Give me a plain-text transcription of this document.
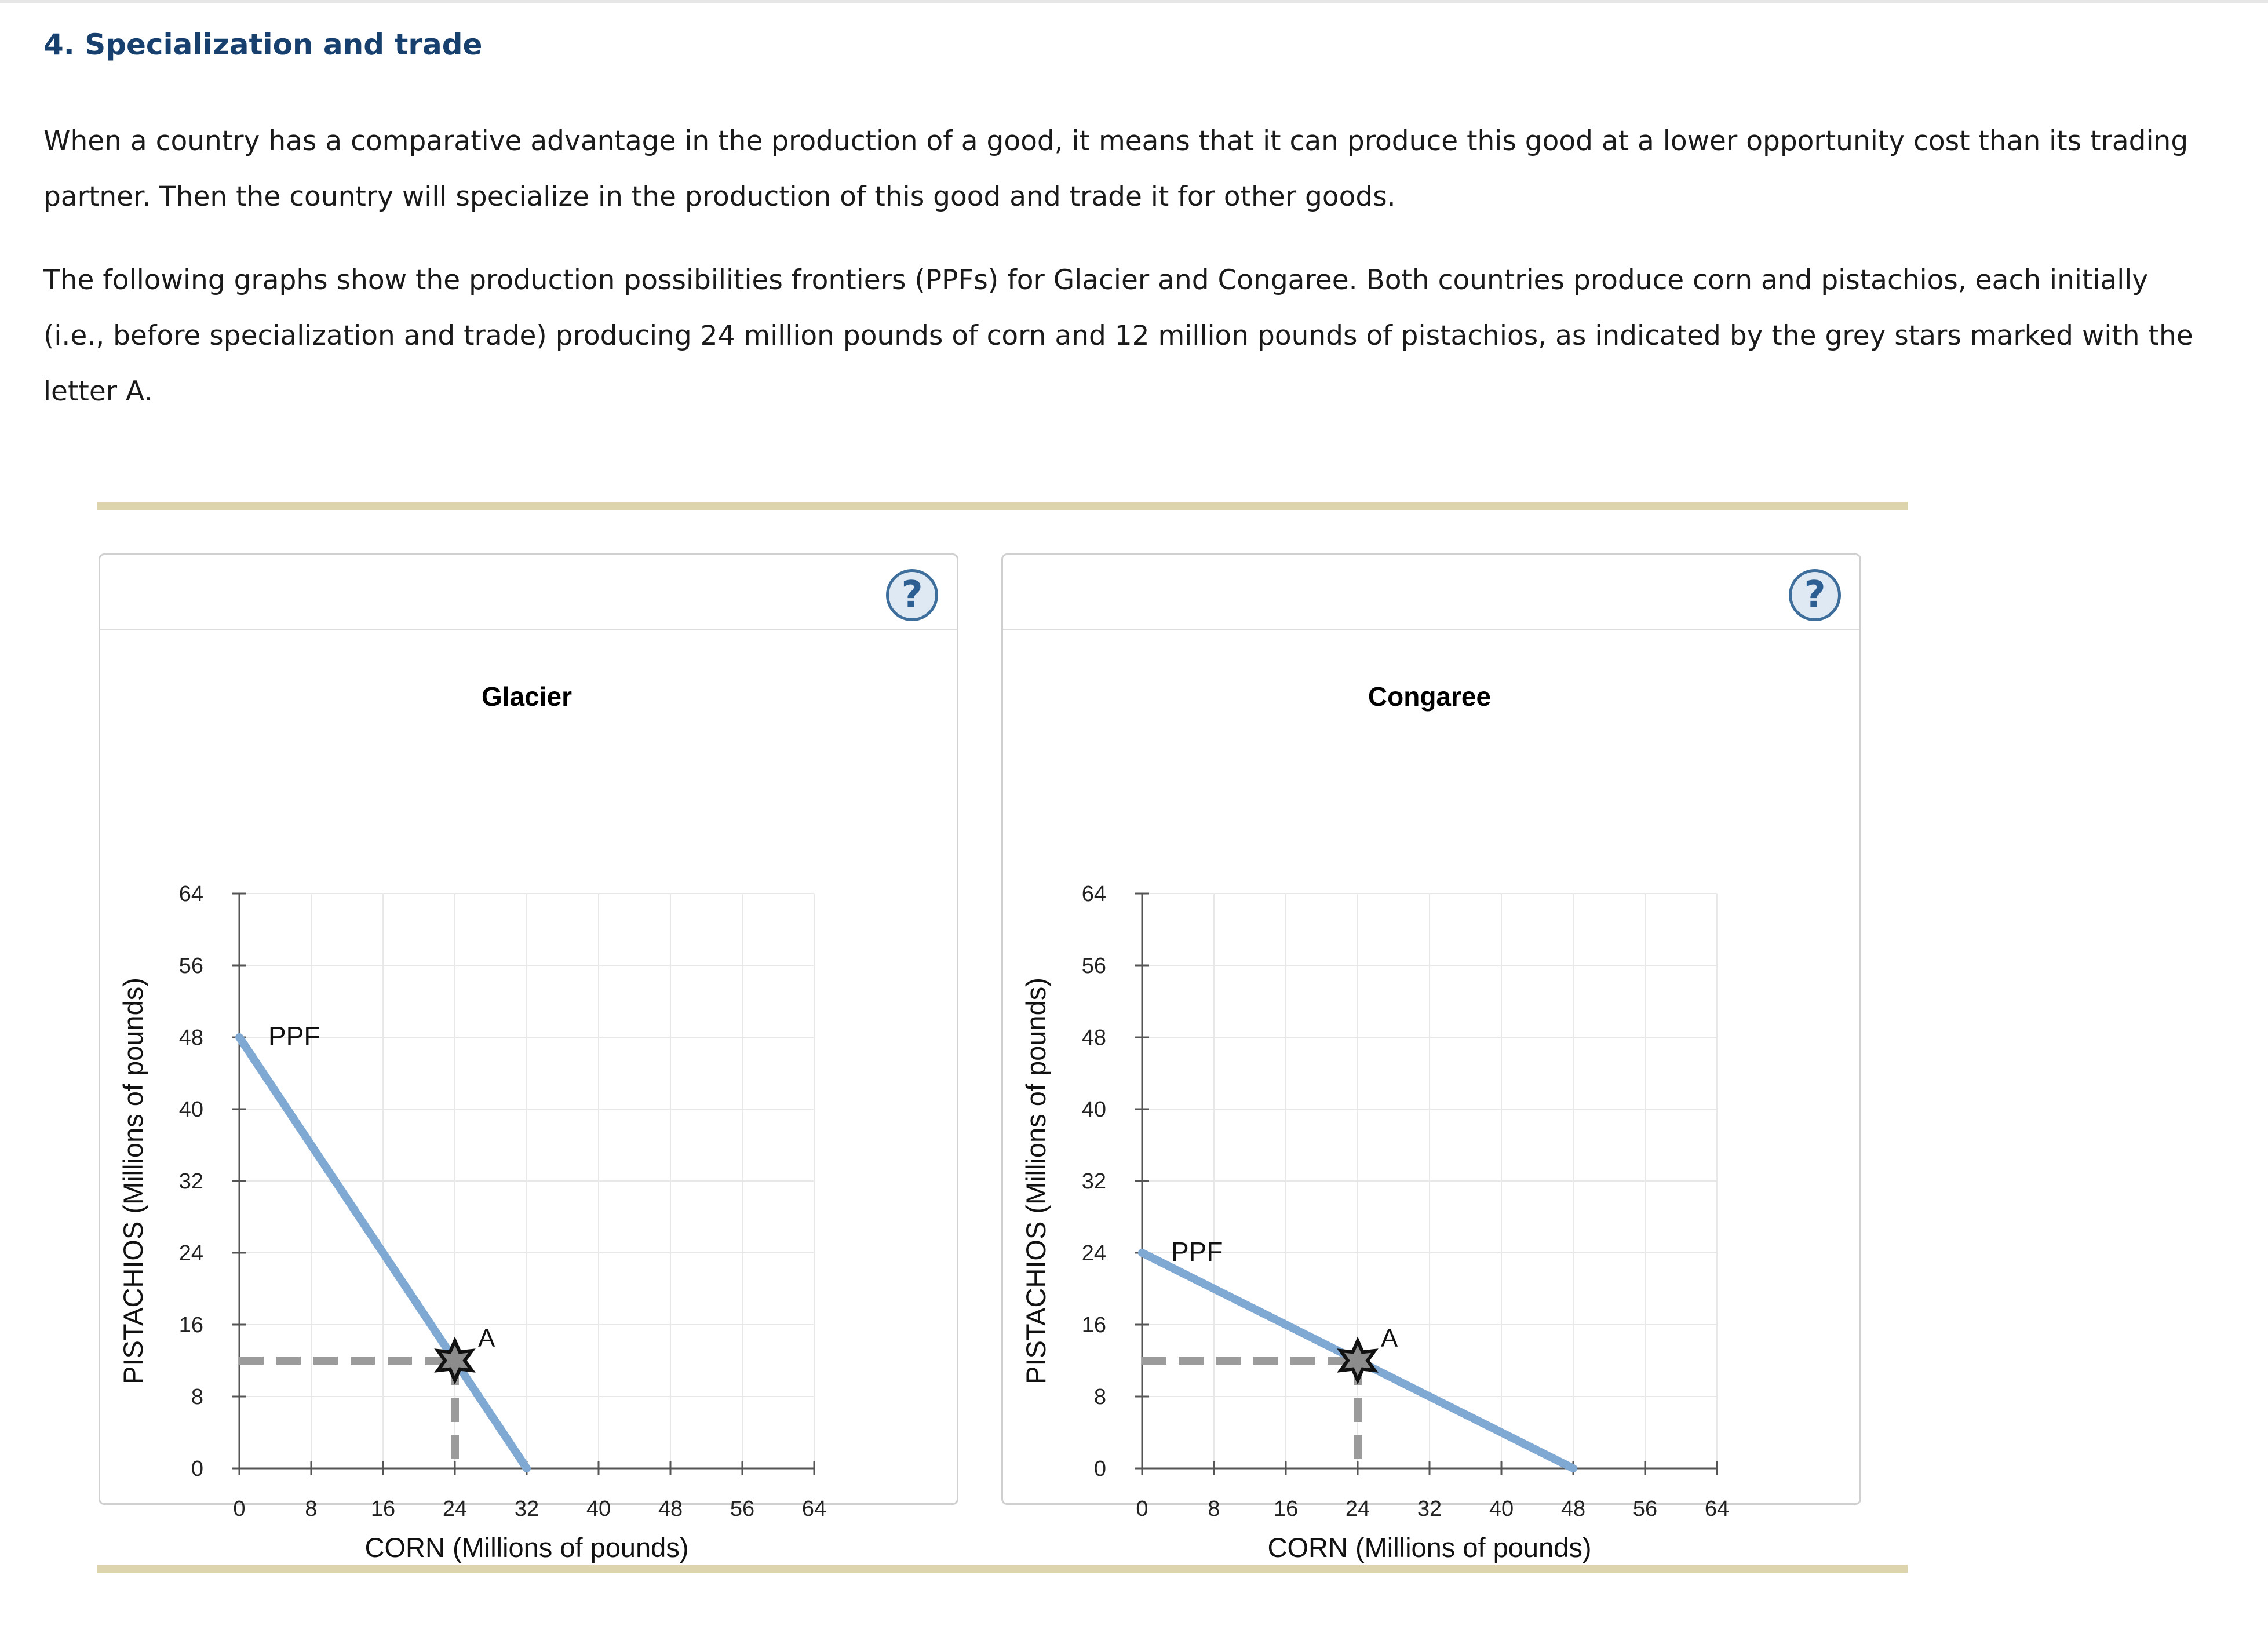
4. Specialization and trade

When a country has a comparative advantage in the production of a good, it means that it can produce this good at a lower opportunity cost than its trading partner. Then the country will specialize in the production of this good and trade it for other goods.

The following graphs show the production possibilities frontiers (PPFs) for Glacier and Congaree. Both countries produce corn and pistachios, each initially (i.e., before specialization and trade) producing 24 million pounds of corn and 12 million pounds of pistachios, as indicated by the grey stars marked with the letter A.

?
Glacier
0	8 16 24 32 40 48 56 64
0
8
16
24
32
40
48
56
64
CORN (Millions of pounds)
PISTACHIOS (Millions of pounds)	PPF
A
?
Congaree
0	8 16 24 32 40 48 56 64
0
8
16
24
32
40
48
56
64
CORN (Millions of pounds)
PISTACHIOS (Millions of pounds)	PPF
A
